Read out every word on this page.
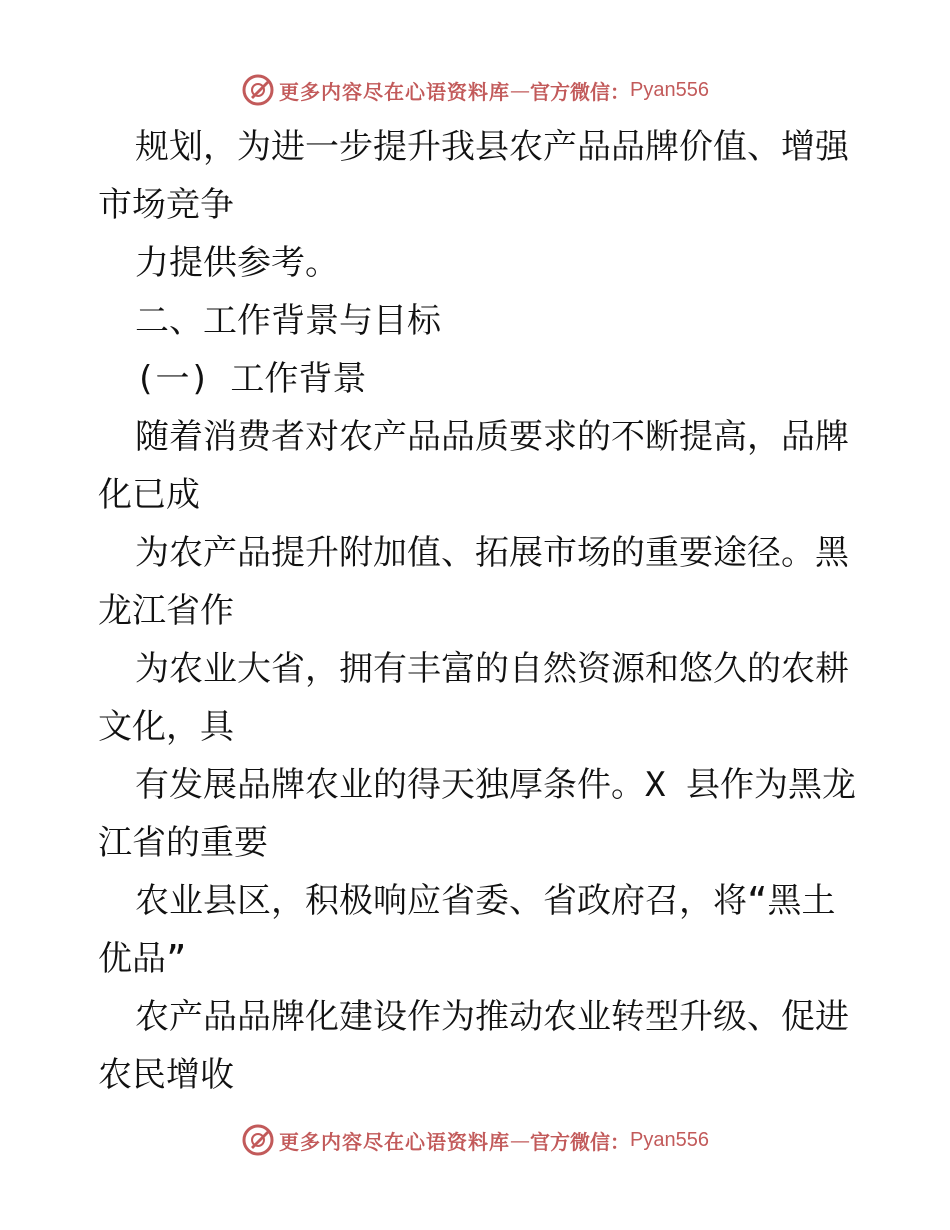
更多内容尽在心语资料库 — 官方微信： Pyan556
规划，为进一步提升我县农产品品牌价值、增强
市场竞争
力提供参考。
二、工作背景与目标
(一) 工作背景
随着消费者对农产品品质要求的不断提高，品牌
化已成
为农产品提升附加值、拓展市场的重要途径。黑
龙江省作
为农业大省，拥有丰富的自然资源和悠久的农耕
文化，具
有发展品牌农业的得天独厚条件。X 县作为黑龙
江省的重要
农业县区，积极响应省委、省政府召，将“黑土
优品”
农产品品牌化建设作为推动农业转型升级、促进
农民增收
更多内容尽在心语资料库 — 官方微信： Pyan556
